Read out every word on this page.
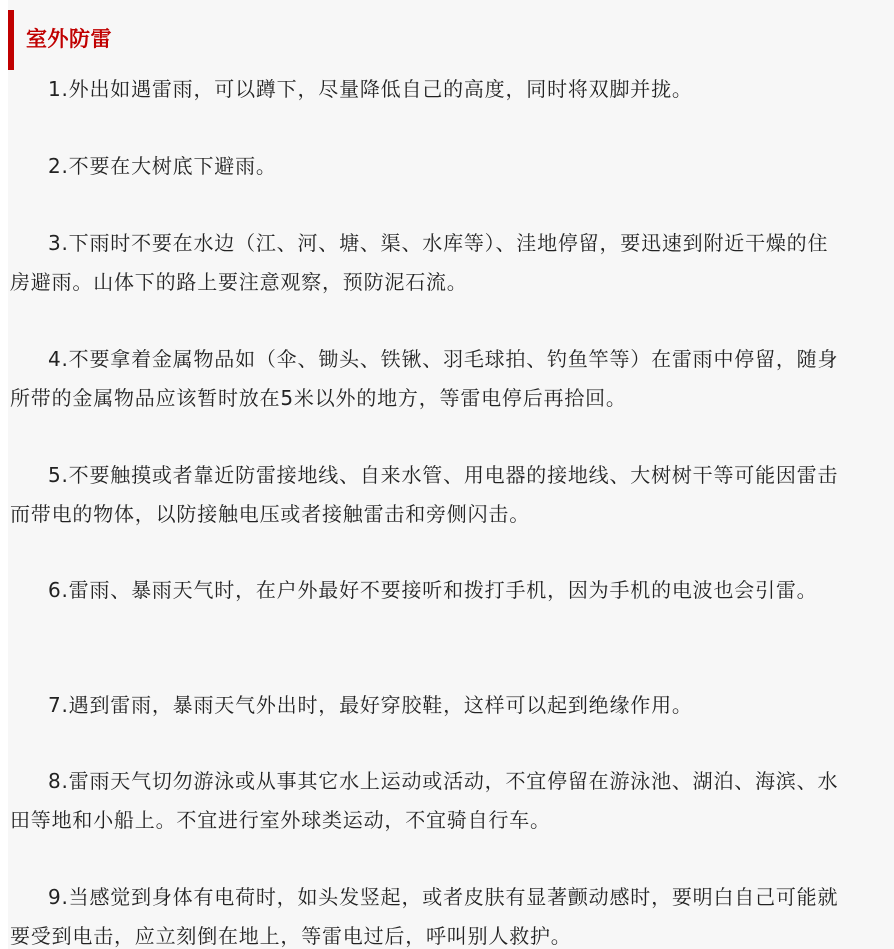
室外防雷

1.外出如遇雷雨，可以蹲下，尽量降低自己的高度，同时将双脚并拢。

2.不要在大树底下避雨。

3.下雨时不要在水边（江、河、塘、渠、水库等）、洼地停留，要迅速到附近干燥的住房避雨。山体下的路上要注意观察，预防泥石流。

4.不要拿着金属物品如（伞、锄头、铁锹、羽毛球拍、钓鱼竿等）在雷雨中停留，随身所带的金属物品应该暂时放在5米以外的地方，等雷电停后再拾回。

5.不要触摸或者靠近防雷接地线、自来水管、用电器的接地线、大树树干等可能因雷击而带电的物体，以防接触电压或者接触雷击和旁侧闪击。

6.雷雨、暴雨天气时，在户外最好不要接听和拨打手机，因为手机的电波也会引雷。

7.遇到雷雨，暴雨天气外出时，最好穿胶鞋，这样可以起到绝缘作用。

8.雷雨天气切勿游泳或从事其它水上运动或活动，不宜停留在游泳池、湖泊、海滨、水田等地和小船上。不宜进行室外球类运动，不宜骑自行车。

9.当感觉到身体有电荷时，如头发竖起，或者皮肤有显著颤动感时，要明白自己可能就要受到电击，应立刻倒在地上，等雷电过后，呼叫别人救护。
